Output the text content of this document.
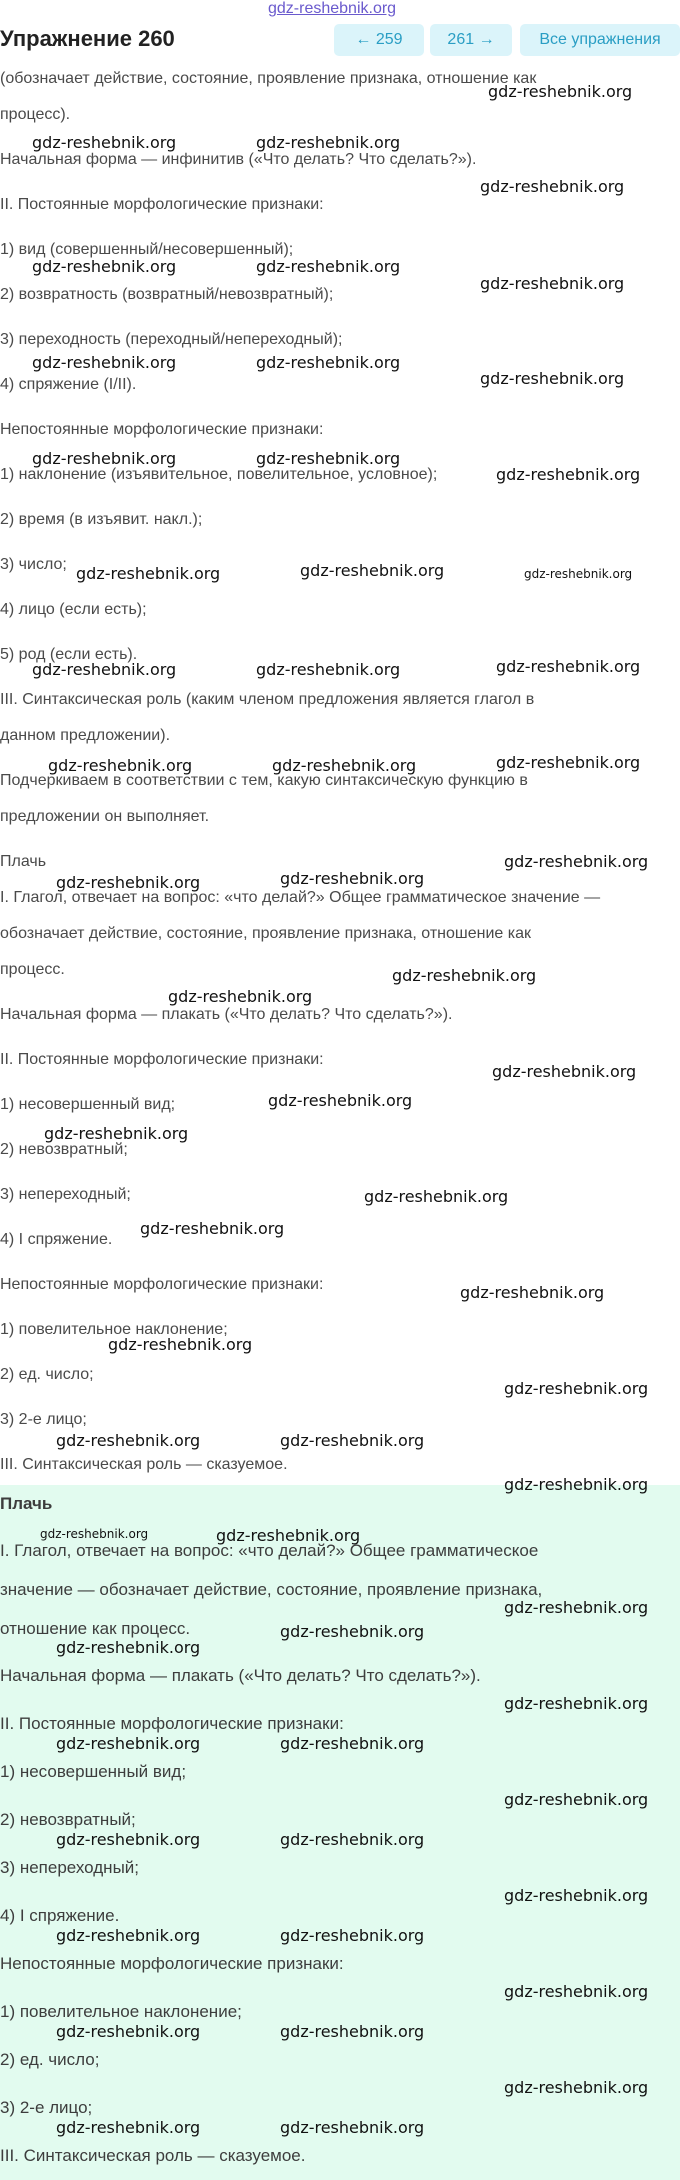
gdz-reshebnik.org
Упражнение 260	← 259	261 →	Все упражнения
(обозначает действие, состояние, проявление признака, отношение как
процесс).
Начальная форма — инфинитив («Что делать? Что сделать?»).
II. Постоянные морфологические признаки:
1) вид (совершенный/несовершенный);
2) возвратность (возвратный/невозвратный);
3) переходность (переходный/непереходный);
4) спряжение (I/II).
Непостоянные морфологические признаки:
1) наклонение (изъявительное, повелительное, условное);
2) время (в изъявит. накл.);
3) число;
4) лицо (если есть);
5) род (если есть).
III. Синтаксическая роль (каким членом предложения является глагол в
данном предложении).
Подчеркиваем в соответствии с тем, какую синтаксическую функцию в
предложении он выполняет.
Плачь
I. Глагол, отвечает на вопрос: «что делай?» Общее грамматическое значение —
обозначает действие, состояние, проявление признака, отношение как
процесс.
Начальная форма — плакать («Что делать? Что сделать?»).
II. Постоянные морфологические признаки:
1) несовершенный вид;
2) невозвратный;
3) непереходный;
4) I спряжение.
Непостоянные морфологические признаки:
1) повелительное наклонение;
2) ед. число;
3) 2-е лицо;
III. Синтаксическая роль — сказуемое.
Плачь
I. Глагол, отвечает на вопрос: «что делай?» Общее грамматическое
значение — обозначает действие, состояние, проявление признака,
отношение как процесс.
Начальная форма — плакать («Что делать? Что сделать?»).
II. Постоянные морфологические признаки:
1) несовершенный вид;
2) невозвратный;
3) непереходный;
4) I спряжение.
Непостоянные морфологические признаки:
1) повелительное наклонение;
2) ед. число;
3) 2-е лицо;
III. Синтаксическая роль — сказуемое.
gdz-reshebnik.org
gdz-reshebnik.org	gdz-reshebnik.org
gdz-reshebnik.org
gdz-reshebnik.org	gdz-reshebnik.org
gdz-reshebnik.org
gdz-reshebnik.org	gdz-reshebnik.org
gdz-reshebnik.org
gdz-reshebnik.org	gdz-reshebnik.org
gdz-reshebnik.org
gdz-reshebnik.org	gdz-reshebnik.org	gdz-reshebnik.org
gdz-reshebnik.org	gdz-reshebnik.org	gdz-reshebnik.org
gdz-reshebnik.org	gdz-reshebnik.org	gdz-reshebnik.org
gdz-reshebnik.org
gdz-reshebnik.org	gdz-reshebnik.org
gdz-reshebnik.org
gdz-reshebnik.org
gdz-reshebnik.org
gdz-reshebnik.org
gdz-reshebnik.org
gdz-reshebnik.org
gdz-reshebnik.org
gdz-reshebnik.org
gdz-reshebnik.org
gdz-reshebnik.org
gdz-reshebnik.org	gdz-reshebnik.org
gdz-reshebnik.org
gdz-reshebnik.org	gdz-reshebnik.org
gdz-reshebnik.org
gdz-reshebnik.org
gdz-reshebnik.org
gdz-reshebnik.org
gdz-reshebnik.org	gdz-reshebnik.org
gdz-reshebnik.org
gdz-reshebnik.org	gdz-reshebnik.org
gdz-reshebnik.org
gdz-reshebnik.org	gdz-reshebnik.org
gdz-reshebnik.org
gdz-reshebnik.org	gdz-reshebnik.org
gdz-reshebnik.org
gdz-reshebnik.org	gdz-reshebnik.org
